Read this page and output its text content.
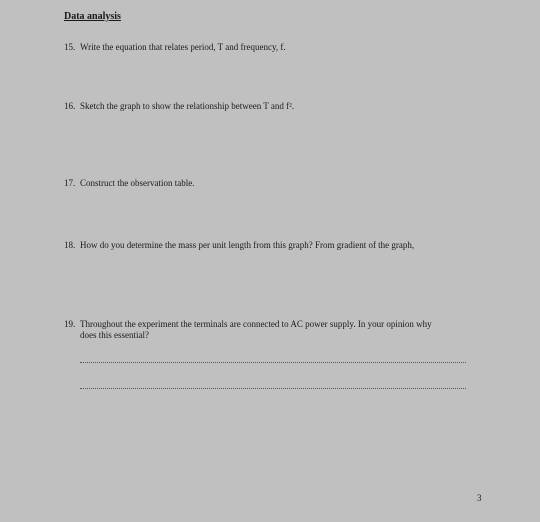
Data analysis
15. Write the equation that relates period, T and frequency, f.
16. Sketch the graph to show the relationship between T and f².
17. Construct the observation table.
18. How do you determine the mass per unit length from this graph? From gradient of the graph,
19. Throughout the experiment the terminals are connected to AC power supply. In your opinion why
does this essential?
3
